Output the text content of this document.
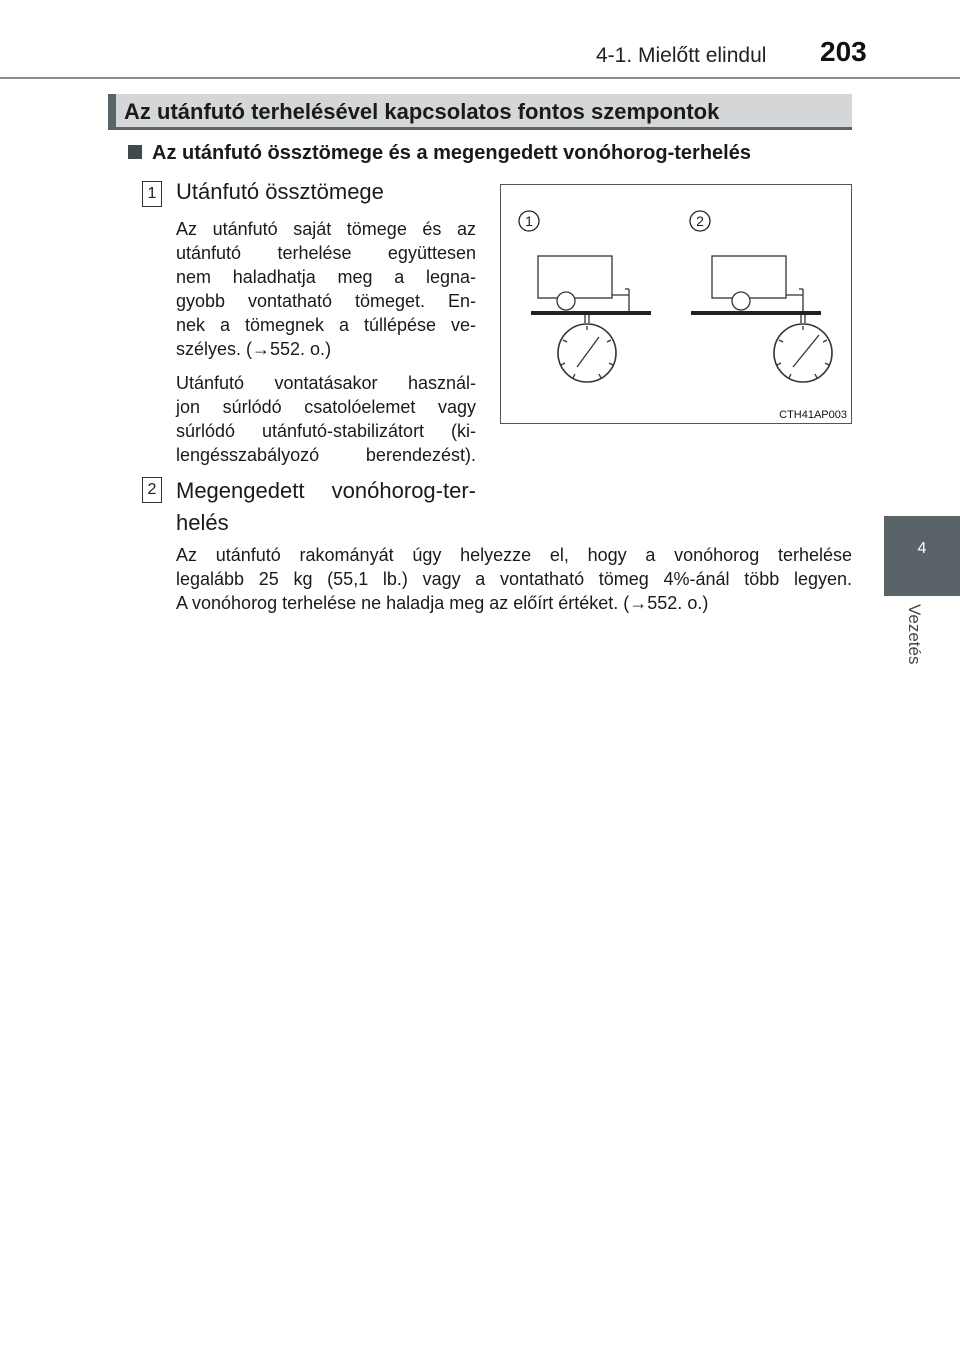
4-1. Mielőtt elindul 203
4
Vezetés
Az utánfutó terhelésével kapcsolatos fontos szempontok
Az utánfutó össztömege és a megengedett vonóhorog-terhelés
1 Utánfutó össztömege
Az utánfutó saját tömege és az
utánfutó terhelése együttesen
nem haladhatja meg a legna-
gyobb vontatható tömeget. En-
nek a tömegnek a túllépése ve-
szélyes. (→552. o.)
Utánfutó vontatásakor használ-
jon súrlódó csatolóelemet vagy
súrlódó utánfutó-stabilizátort (ki-
lengésszabályozó berendezést).
2 Megengedett vonóhorog-ter-
helés
Az utánfutó rakományát úgy helyezze el, hogy a vonóhorog terhelése
legalább 25 kg (55,1 lb.) vagy a vontatható tömeg 4%-ánál több legyen.
A vonóhorog terhelése ne haladja meg az előírt értéket. (→552. o.)
1	2
CTH41AP003
